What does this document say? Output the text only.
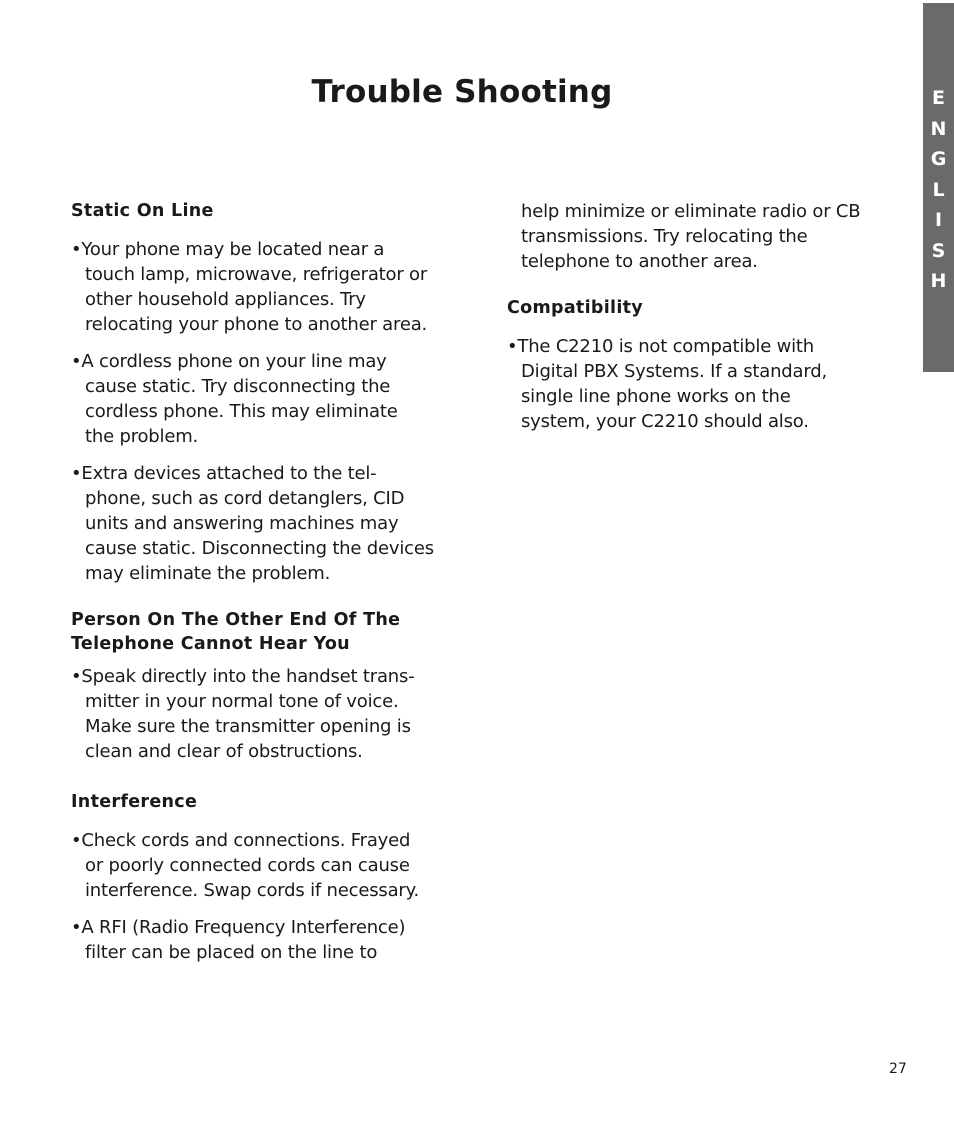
Trouble Shooting	E
N
G
L
I
S
H
Static On Line

•Your phone may be located near a touch lamp, microwave, refrigerator or other household appliances. Try relocating your phone to another area.

•A cordless phone on your line may cause static. Try disconnecting the cordless phone. This may eliminate the problem.

•Extra devices attached to the tel-phone, such as cord detanglers, CID units and answering machines may cause static. Disconnecting the devices may eliminate the problem.

Person On The Other End Of The Telephone Cannot Hear You

•Speak directly into the handset trans-mitter in your normal tone of voice. Make sure the transmitter opening is clean and clear of obstructions.

Interference

•Check cords and connections. Frayed or poorly connected cords can cause interference. Swap cords if necessary.

•A RFI (Radio Frequency Interference) filter can be placed on the line to

help minimize or eliminate radio or CB transmissions. Try relocating the telephone to another area.

Compatibility

•The C2210 is not compatible with Digital PBX Systems. If a standard, single line phone works on the system, your C2210 should also.

27
